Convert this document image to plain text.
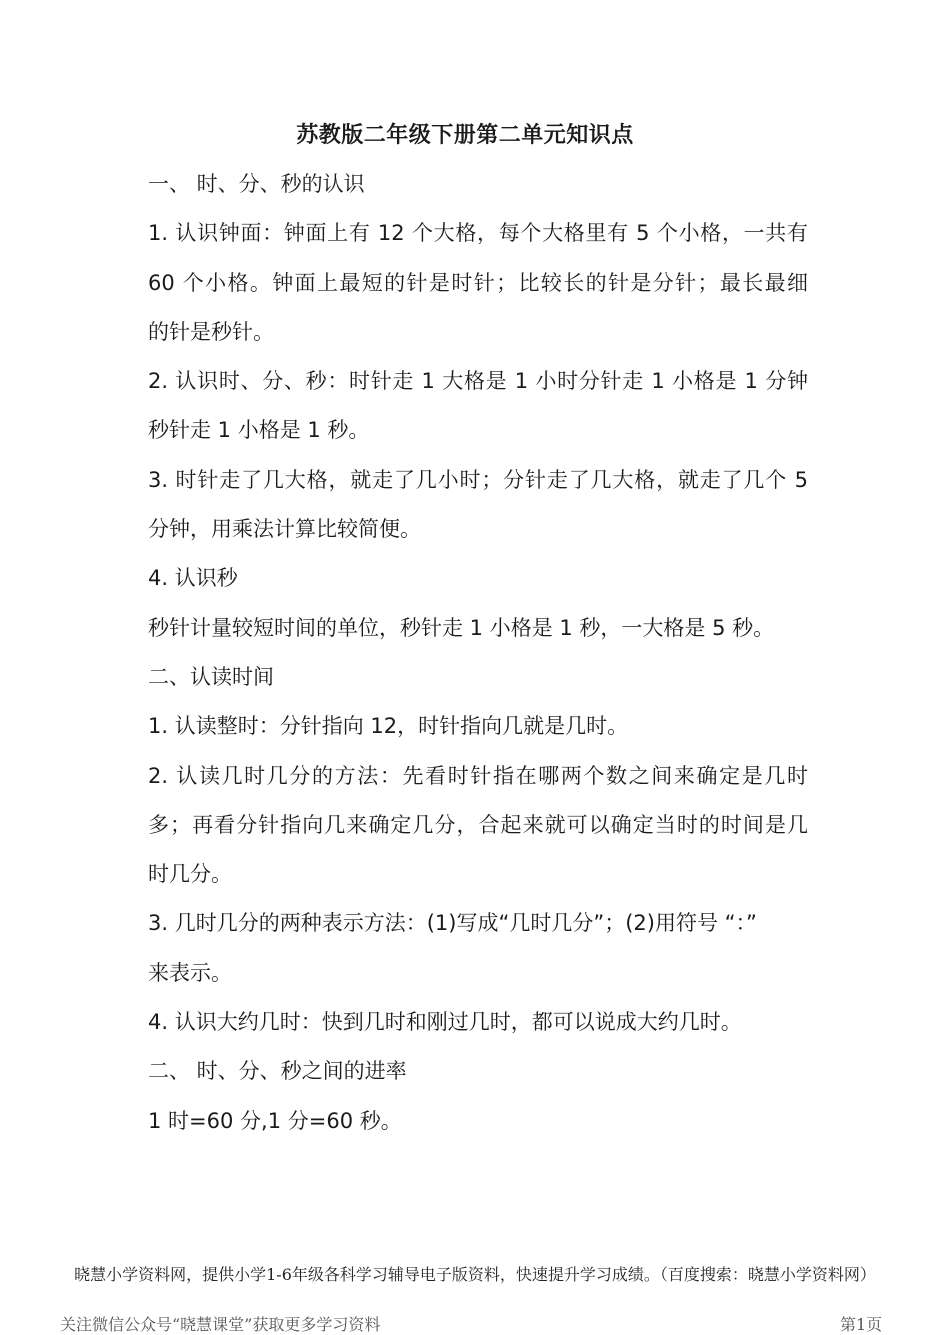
苏教版二年级下册第二单元知识点
一、 时、分、秒的认识
1. 认识钟面：钟面上有 12 个大格，每个大格里有 5 个小格，一共有
60 个小格。钟面上最短的针是时针；比较长的针是分针；最长最细
的针是秒针。
2. 认识时、分、秒：时针走 1 大格是 1 小时分针走 1 小格是 1 分钟
秒针走 1 小格是 1 秒。
3. 时针走了几大格，就走了几小时；分针走了几大格，就走了几个 5
分钟，用乘法计算比较简便。
4. 认识秒
秒针计量较短时间的单位，秒针走 1 小格是 1 秒，一大格是 5 秒。
二、认读时间
1. 认读整时：分针指向 12，时针指向几就是几时。
2. 认读几时几分的方法：先看时针指在哪两个数之间来确定是几时
多；再看分针指向几来确定几分，合起来就可以确定当时的时间是几
时几分。
3. 几时几分的两种表示方法：(1)写成“几时几分”；(2)用符号 “：”
来表示。
4. 认识大约几时：快到几时和刚过几时，都可以说成大约几时。
二、 时、分、秒之间的进率
1 时=60 分,1 分=60 秒。
晓慧小学资料网，提供小学1-6年级各科学习辅导电子版资料，快速提升学习成绩。（百度搜索：晓慧小学资料网）
关注微信公众号“晓慧课堂”获取更多学习资料	第1页
